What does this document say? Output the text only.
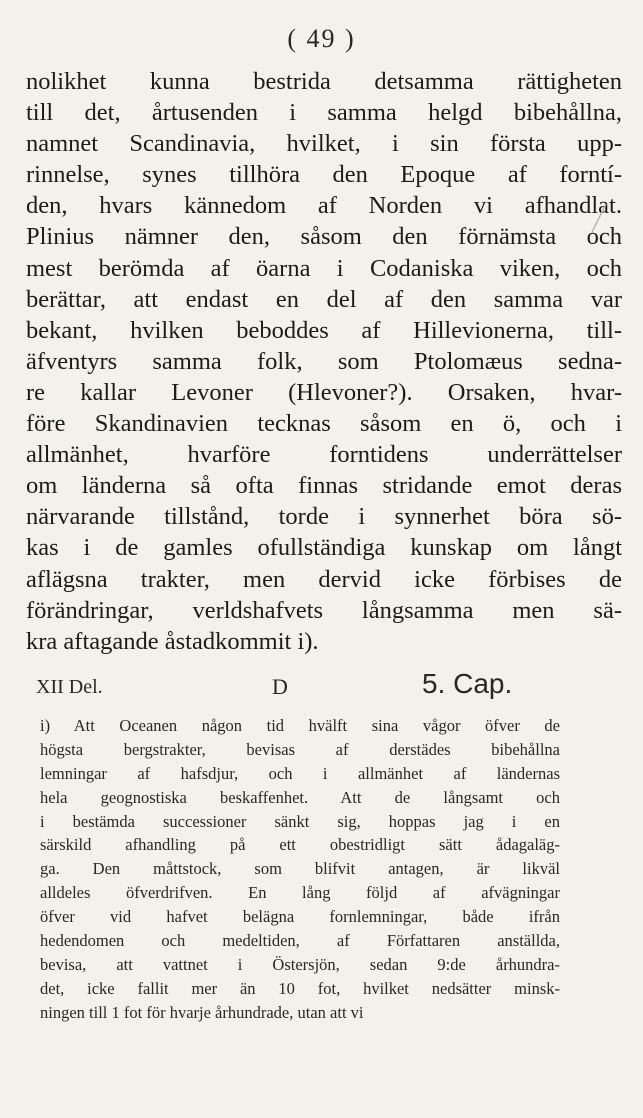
( 49 )
nolikhet kunna bestrida detsamma rättigheten
till det, årtusenden i samma helgd bibehållna,
namnet Scandinavia, hvilket, i sin första upp-
rinnelse, synes tillhöra den Epoque af forntí-
den, hvars kännedom af Norden vi afhandlat.
Plinius nämner den, såsom den förnämsta och
mest berömda af öarna i Codaniska viken, och
berättar, att endast en del af den samma var
bekant, hvilken beboddes af Hillevionerna, till-
äfventyrs samma folk, som Ptolomæus sedna-
re kallar Levoner (Hlevoner?). Orsaken, hvar-
före Skandinavien tecknas såsom en ö, och i
allmänhet, hvarföre forntidens underrättelser
om länderna så ofta finnas stridande emot deras
närvarande tillstånd, torde i synnerhet böra sö-
kas i de gamles ofullständiga kunskap om långt
aflägsna trakter, men dervid icke förbises de
förändringar, verldshafvets långsamma men sä-
kra aftagande åstadkommit i).
XII Del.	D	5. Cap.
i) Att Oceanen någon tid hvälft sina vågor öfver de
högsta bergstrakter, bevisas af derstädes bibehållna
lemningar af hafsdjur, och i allmänhet af ländernas
hela geognostiska beskaffenhet. Att de långsamt och
i bestämda successioner sänkt sig, hoppas jag i en
särskild afhandling på ett obestridligt sätt ådagaläg-
ga. Den måttstock, som blifvit antagen, är likväl
alldeles öfverdrifven. En lång följd af afvägningar
öfver vid hafvet belägna fornlemningar, både ifrån
hedendomen och medeltiden, af Författaren anställda,
bevisa, att vattnet i Östersjön, sedan 9:de århundra-
det, icke fallit mer än 10 fot, hvilket nedsätter minsk-
ningen till 1 fot för hvarje århundrade, utan att vi
